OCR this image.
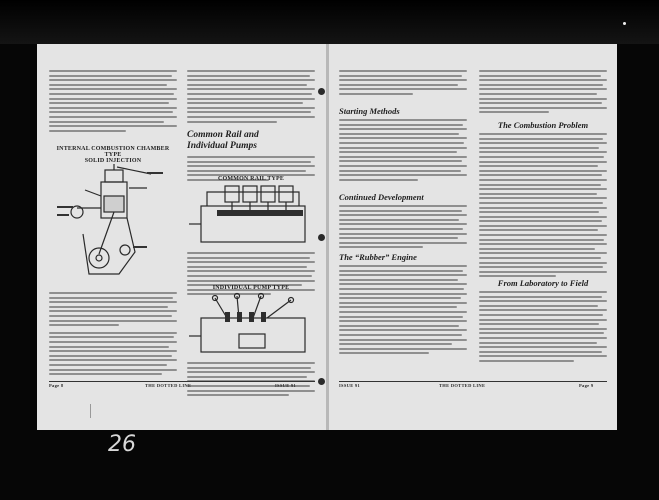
INTERNAL COMBUSTION CHAMBER TYPE
SOLID INJECTION
Common Rail and
Individual Pumps
COMMON RAIL TYPE
INDIVIDUAL PUMP TYPE
Page 8	THE DOTTED LINE	ISSUE 91
Starting Methods
Continued Development
The “Rubber” Engine
The Combustion Problem
From Laboratory to Field
ISSUE 91	THE DOTTED LINE	Page 9
26
